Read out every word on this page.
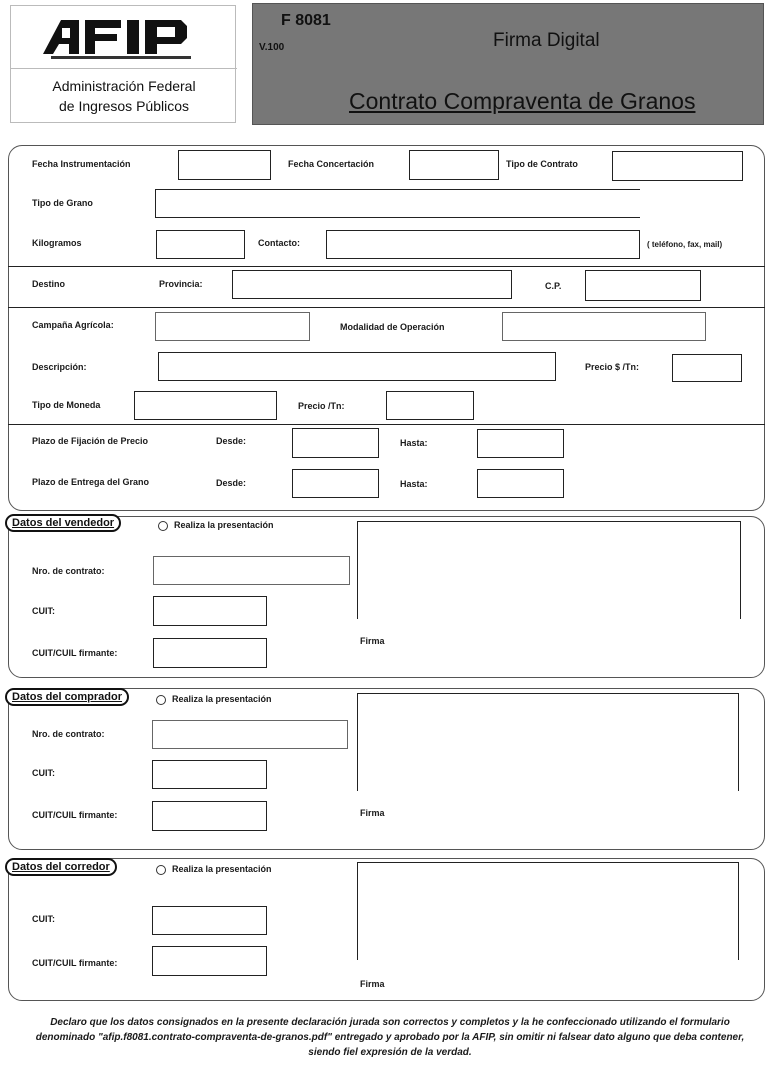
Administración Federal
de Ingresos Públicos
F 8081
V.100	Firma Digital
Contrato Compraventa de Granos
Fecha Instrumentación	Fecha Concertación	Tipo de Contrato
Tipo de Grano
Kilogramos	Contacto:	( teléfono, fax, mail)
Destino	Provincia:	C.P.
Campaña Agrícola:	Modalidad de Operación
Descripción:	Precio $ /Tn:
Tipo de Moneda	Precio /Tn:
Plazo de Fijación de Precio	Desde:	Hasta:
Plazo de Entrega del Grano	Desde:	Hasta:
Datos del vendedor	Realiza la presentación
Nro. de contrato:
CUIT:
CUIT/CUIL firmante:
Firma
Datos del comprador	Realiza la presentación
Nro. de contrato:
CUIT:
CUIT/CUIL firmante:	Firma
Datos del corredor	Realiza la presentación
CUIT:
CUIT/CUIL firmante:
Firma
Declaro que los datos consignados en la presente declaración jurada son correctos y completos y la he confeccionado utilizando el formulario denominado "afip.f8081.contrato-compraventa-de-granos.pdf" entregado y aprobado por la AFIP, sin omitir ni falsear dato alguno que deba contener, siendo fiel expresión de la verdad.
